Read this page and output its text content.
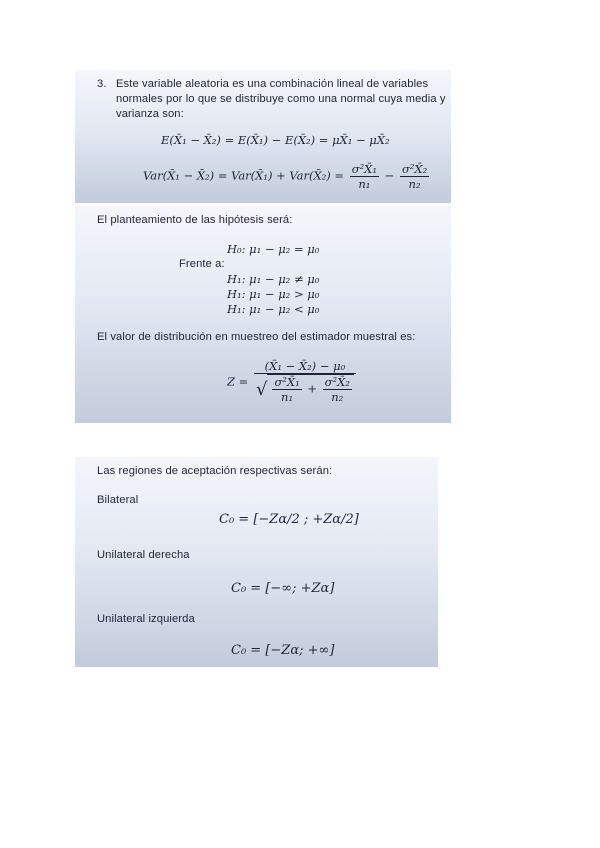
3. Este variable aleatoria es una combinación lineal de variables
normales por lo que se distribuye como una normal cuya media y
varianza son:
E(X̄₁ − X̄₂) = E(X̄₁) − E(X̄₂) = μX̄₁ − μX̄₂
Var(X̄₁ − X̄₂) = Var(X̄₁) + Var(X̄₂) = $\frac{\text{σ²X̄₁}}{\text{n₁}} - \frac{\text{σ²X̄₂}}{\text{n₂}}$
El planteamiento de las hipótesis será:
H₀: μ₁ − μ₂ = μ₀
Frente a:
H₁: μ₁ − μ₂ ≠ μ₀
H₁: μ₁ − μ₂ > μ₀
H₁: μ₁ − μ₂ < μ₀
El valor de distribución en muestreo del estimador muestral es:
Z =
(X̄₁ − X̄₂) − μ₀
√ $\frac{\text{σ²X̄₁}}{\text{n₁}} + \frac{\text{σ²X̄₂}}{\text{n₂}}$
Las regiones de aceptación respectivas serán:
Bilateral
C₀ = [−Zα/2 ; +Zα/2]
Unilateral derecha
C₀ = [−∞; +Zα]
Unilateral izquierda
C₀ = [−Zα; +∞]
